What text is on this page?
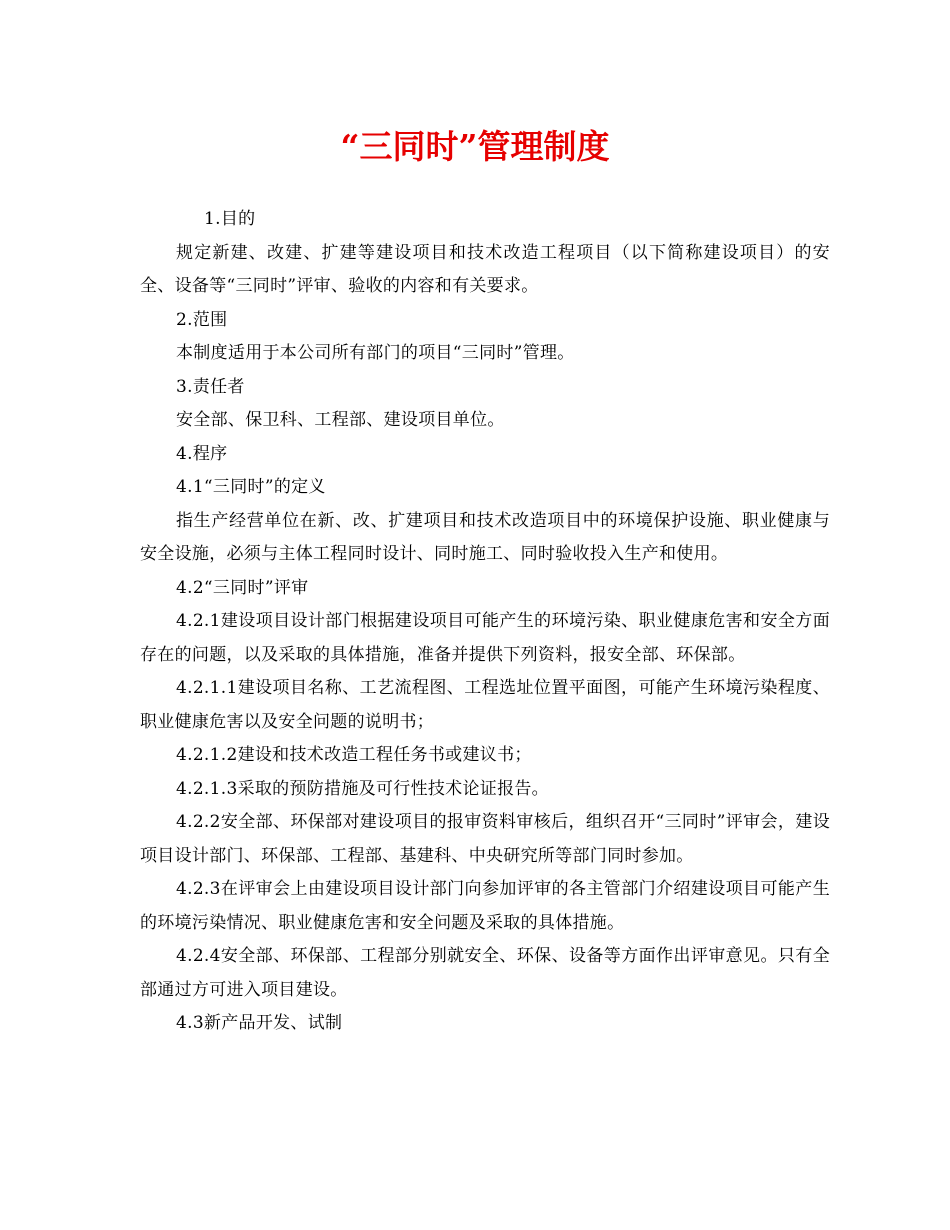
“三同时”管理制度

1.目的

规定新建、改建、扩建等建设项目和技术改造工程项目（以下简称建设项目）的安全、设备等“三同时”评审、验收的内容和有关要求。

2.范围

本制度适用于本公司所有部门的项目“三同时”管理。

3.责任者

安全部、保卫科、工程部、建设项目单位。

4.程序

4.1“三同时”的定义

指生产经营单位在新、改、扩建项目和技术改造项目中的环境保护设施、职业健康与安全设施，必须与主体工程同时设计、同时施工、同时验收投入生产和使用。

4.2“三同时”评审

4.2.1建设项目设计部门根据建设项目可能产生的环境污染、职业健康危害和安全方面存在的问题，以及采取的具体措施，准备并提供下列资料，报安全部、环保部。

4.2.1.1建设项目名称、工艺流程图、工程选址位置平面图，可能产生环境污染程度、职业健康危害以及安全问题的说明书；

4.2.1.2建设和技术改造工程任务书或建议书；

4.2.1.3采取的预防措施及可行性技术论证报告。

4.2.2安全部、环保部对建设项目的报审资料审核后，组织召开“三同时”评审会，建设项目设计部门、环保部、工程部、基建科、中央研究所等部门同时参加。

4.2.3在评审会上由建设项目设计部门向参加评审的各主管部门介绍建设项目可能产生的环境污染情况、职业健康危害和安全问题及采取的具体措施。

4.2.4安全部、环保部、工程部分别就安全、环保、设备等方面作出评审意见。只有全部通过方可进入项目建设。

4.3新产品开发、试制
